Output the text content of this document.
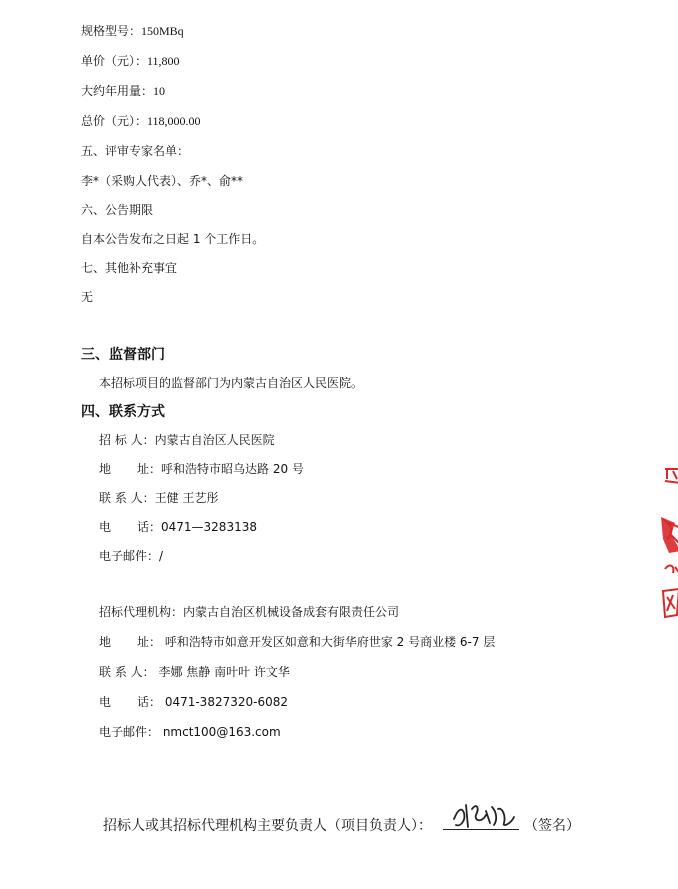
规格型号：150MBq
单价（元）：11,800
大约年用量：10
总价（元）：118,000.00
五、评审专家名单：
李*（采购人代表）、乔*、俞**
六、公告期限
自本公告发布之日起 1 个工作日。
七、其他补充事宜
无
三、监督部门
本招标项目的监督部门为内蒙古自治区人民医院。
四、联系方式
招 标 人：内蒙古自治区人民医院
地 址：呼和浩特市昭乌达路 20 号
联 系 人：王健 王艺彤
电 话：0471—3283138
电子邮件：/
招标代理机构：内蒙古自治区机械设备成套有限责任公司
地 址： 呼和浩特市如意开发区如意和大街华府世家 2 号商业楼 6-7 层
联 系 人： 李娜 焦静 南叶叶 许文华
电 话： 0471-3827320-6082
电子邮件： nmct100@163.com
招标人或其招标代理机构主要负责人（项目负责人）：	（签名）
